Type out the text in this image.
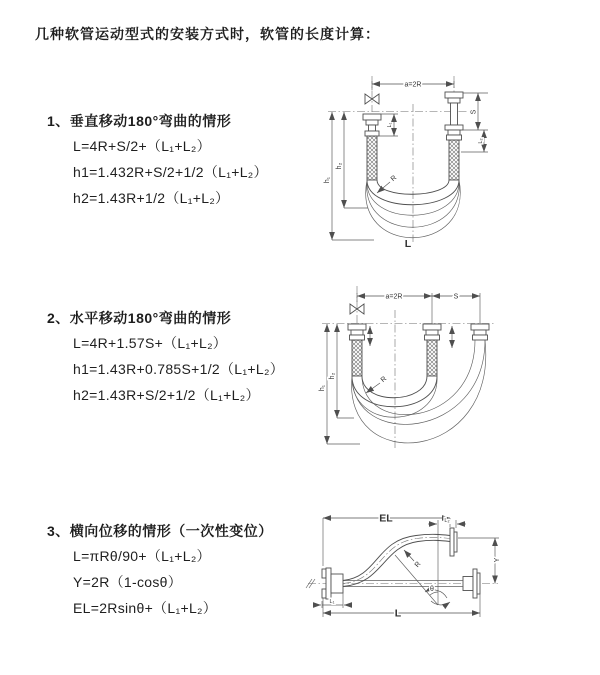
几种软管运动型式的安装方式时，软管的长度计算：
1、垂直移动180°弯曲的情形
L=4R+S/2+（L₁+L₂）
h1=1.432R+S/2+1/2（L₁+L₂）
h2=1.43R+1/2（L₁+L₂）
2、水平移动180°弯曲的情形
L=4R+1.57S+（L₁+L₂）
h1=1.43R+0.785S+1/2（L₁+L₂）
h2=1.43R+S/2+1/2（L₁+L₂）
3、横向位移的情形（一次性变位）
L=πRθ/90+（L₁+L₂）
Y=2R（1-cosθ）
EL=2Rsinθ+（L₁+L₂）
a=2R
L₁
h₁
h₂
R
L
S
L₂
a=2R	S
h₁
h₂	R
EL	L₂
θ
R
Y
L
L₁
